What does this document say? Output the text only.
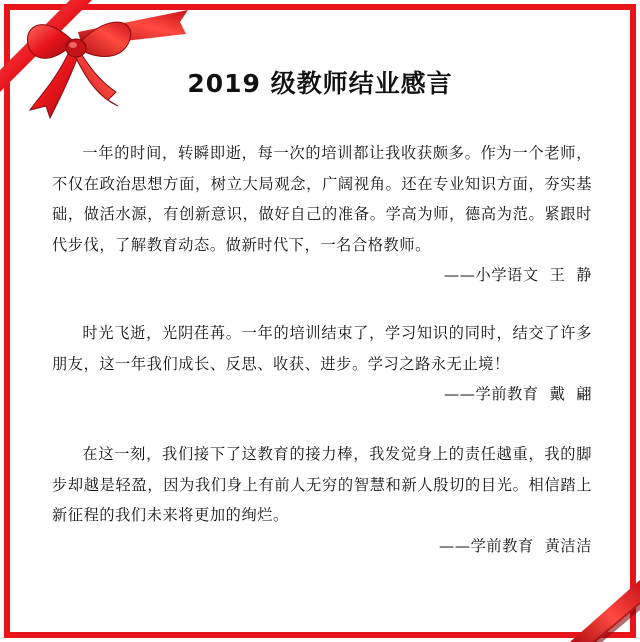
2019 级教师结业感言

一年的时间，转瞬即逝，每一次的培训都让我收获颇多。作为一个老师，不仅在政治思想方面，树立大局观念，广阔视角。还在专业知识方面，夯实基础，做活水源，有创新意识，做好自己的准备。学高为师，德高为范。紧跟时代步伐，了解教育动态。做新时代下，一名合格教师。

——小学语文  王  静

时光飞逝，光阴荏苒。一年的培训结束了，学习知识的同时，结交了许多朋友，这一年我们成长、反思、收获、进步。学习之路永无止境！

——学前教育  戴  翩

在这一刻，我们接下了这教育的接力棒，我发觉身上的责任越重，我的脚步却越是轻盈，因为我们身上有前人无穷的智慧和新人殷切的目光。相信踏上新征程的我们未来将更加的绚烂。

——学前教育  黄洁洁
